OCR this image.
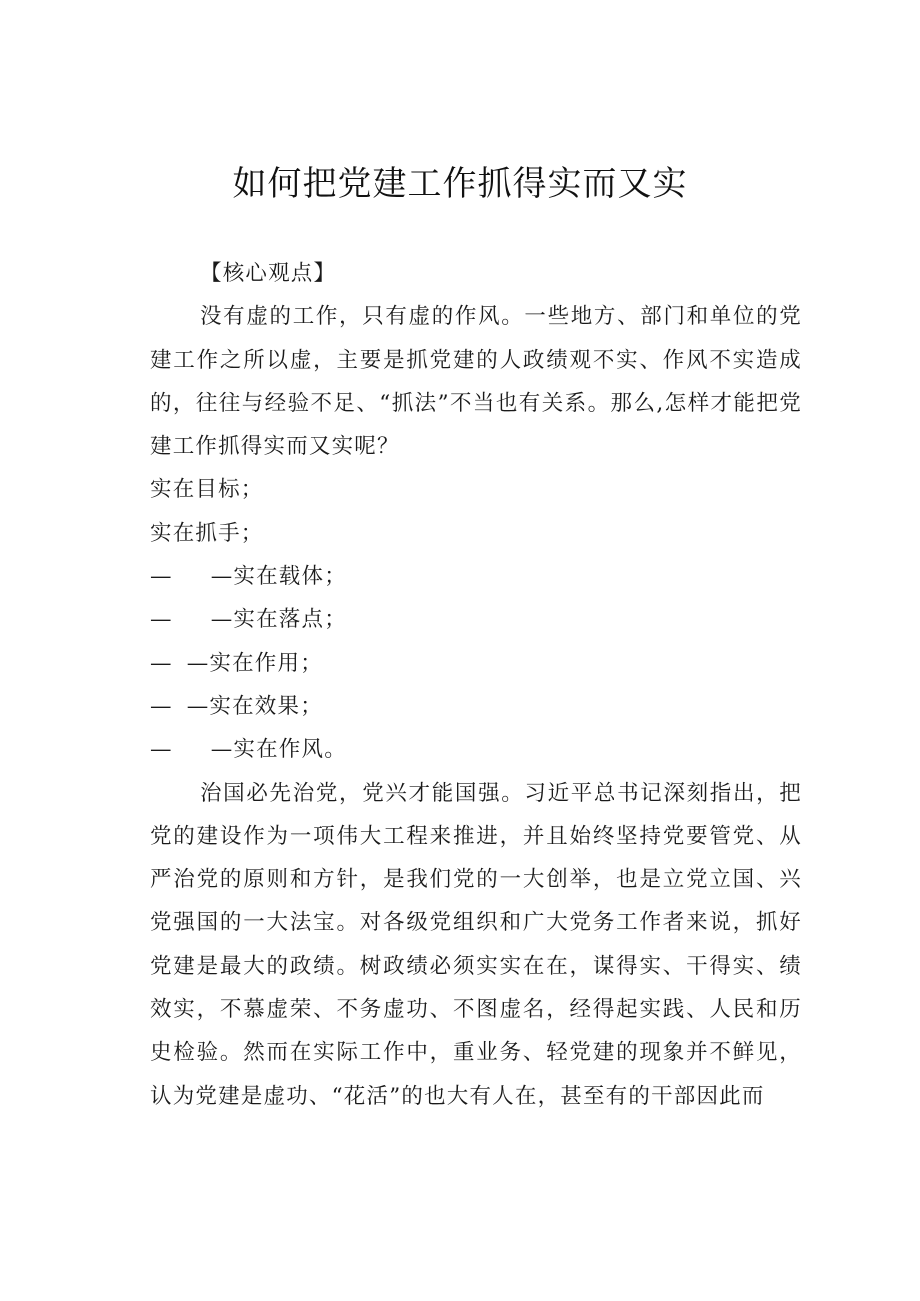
如何把党建工作抓得实而又实

【核心观点】

没有虚的工作，只有虚的作风。一些地方、部门和单位的党建工作之所以虚，主要是抓党建的人政绩观不实、作风不实造成的，往往与经验不足、“抓法”不当也有关系。那么,怎样才能把党建工作抓得实而又实呢？

实在目标；

实在抓手；

— —实在载体；

— —实在落点；

— —实在作用；

— —实在效果；

— —实在作风。

治国必先治党，党兴才能国强。习近平总书记深刻指出，把党的建设作为一项伟大工程来推进，并且始终坚持党要管党、从严治党的原则和方针，是我们党的一大创举，也是立党立国、兴党强国的一大法宝。对各级党组织和广大党务工作者来说，抓好党建是最大的政绩。树政绩必须实实在在，谋得实、干得实、绩效实，不慕虚荣、不务虚功、不图虚名，经得起实践、人民和历史检验。然而在实际工作中，重业务、轻党建的现象并不鲜见，认为党建是虚功、“花活”的也大有人在，甚至有的干部因此而
